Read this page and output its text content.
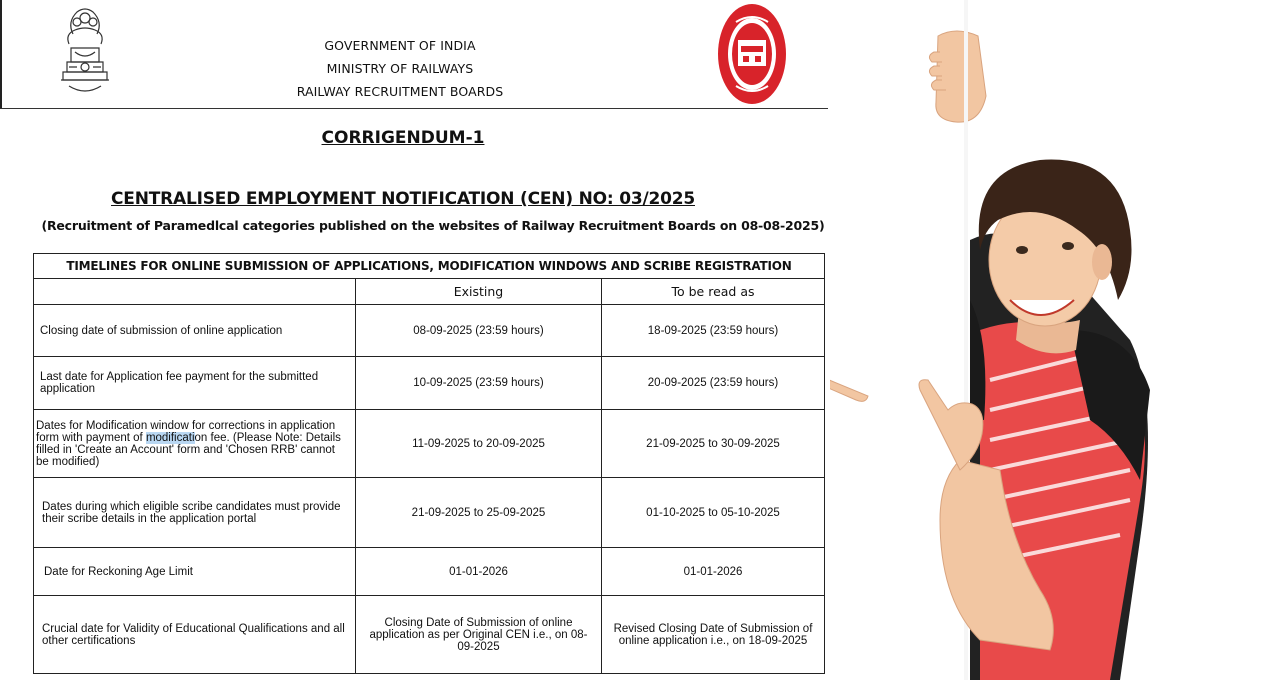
GOVERNMENT OF INDIA
MINISTRY OF RAILWAYS
RAILWAY RECRUITMENT BOARDS
CORRIGENDUM-1
CENTRALISED EMPLOYMENT NOTIFICATION (CEN) NO: 03/2025
(Recruitment of Paramedlcal categories published on the websites of Railway Recruitment Boards on 08-08-2025)
TIMELINES FOR ONLINE SUBMISSION OF APPLICATIONS, MODIFICATION WINDOWS AND SCRIBE REGISTRATION		
	Existing	To be read as
Closing date of submission of online application	08-09-2025 (23:59 hours)	18-09-2025 (23:59 hours)
Last date for Application fee payment for the submitted application	10-09-2025 (23:59 hours)	20-09-2025 (23:59 hours)
Dates for Modification window for corrections in application form with payment of modification fee. (Please Note: Details filled in 'Create an Account' form and 'Chosen RRB' cannot be modified)	11-09-2025 to 20-09-2025	21-09-2025 to 30-09-2025
Dates during which eligible scribe candidates must provide their scribe details in the application portal	21-09-2025 to 25-09-2025	01-10-2025 to 05-10-2025
Date for Reckoning Age Limit	01-01-2026	01-01-2026
Crucial date for Validity of Educational Qualifications and all other certifications	Closing Date of Submission of online application as per Original CEN i.e., on 08-09-2025	Revised Closing Date of Submission of online application i.e., on 18-09-2025
